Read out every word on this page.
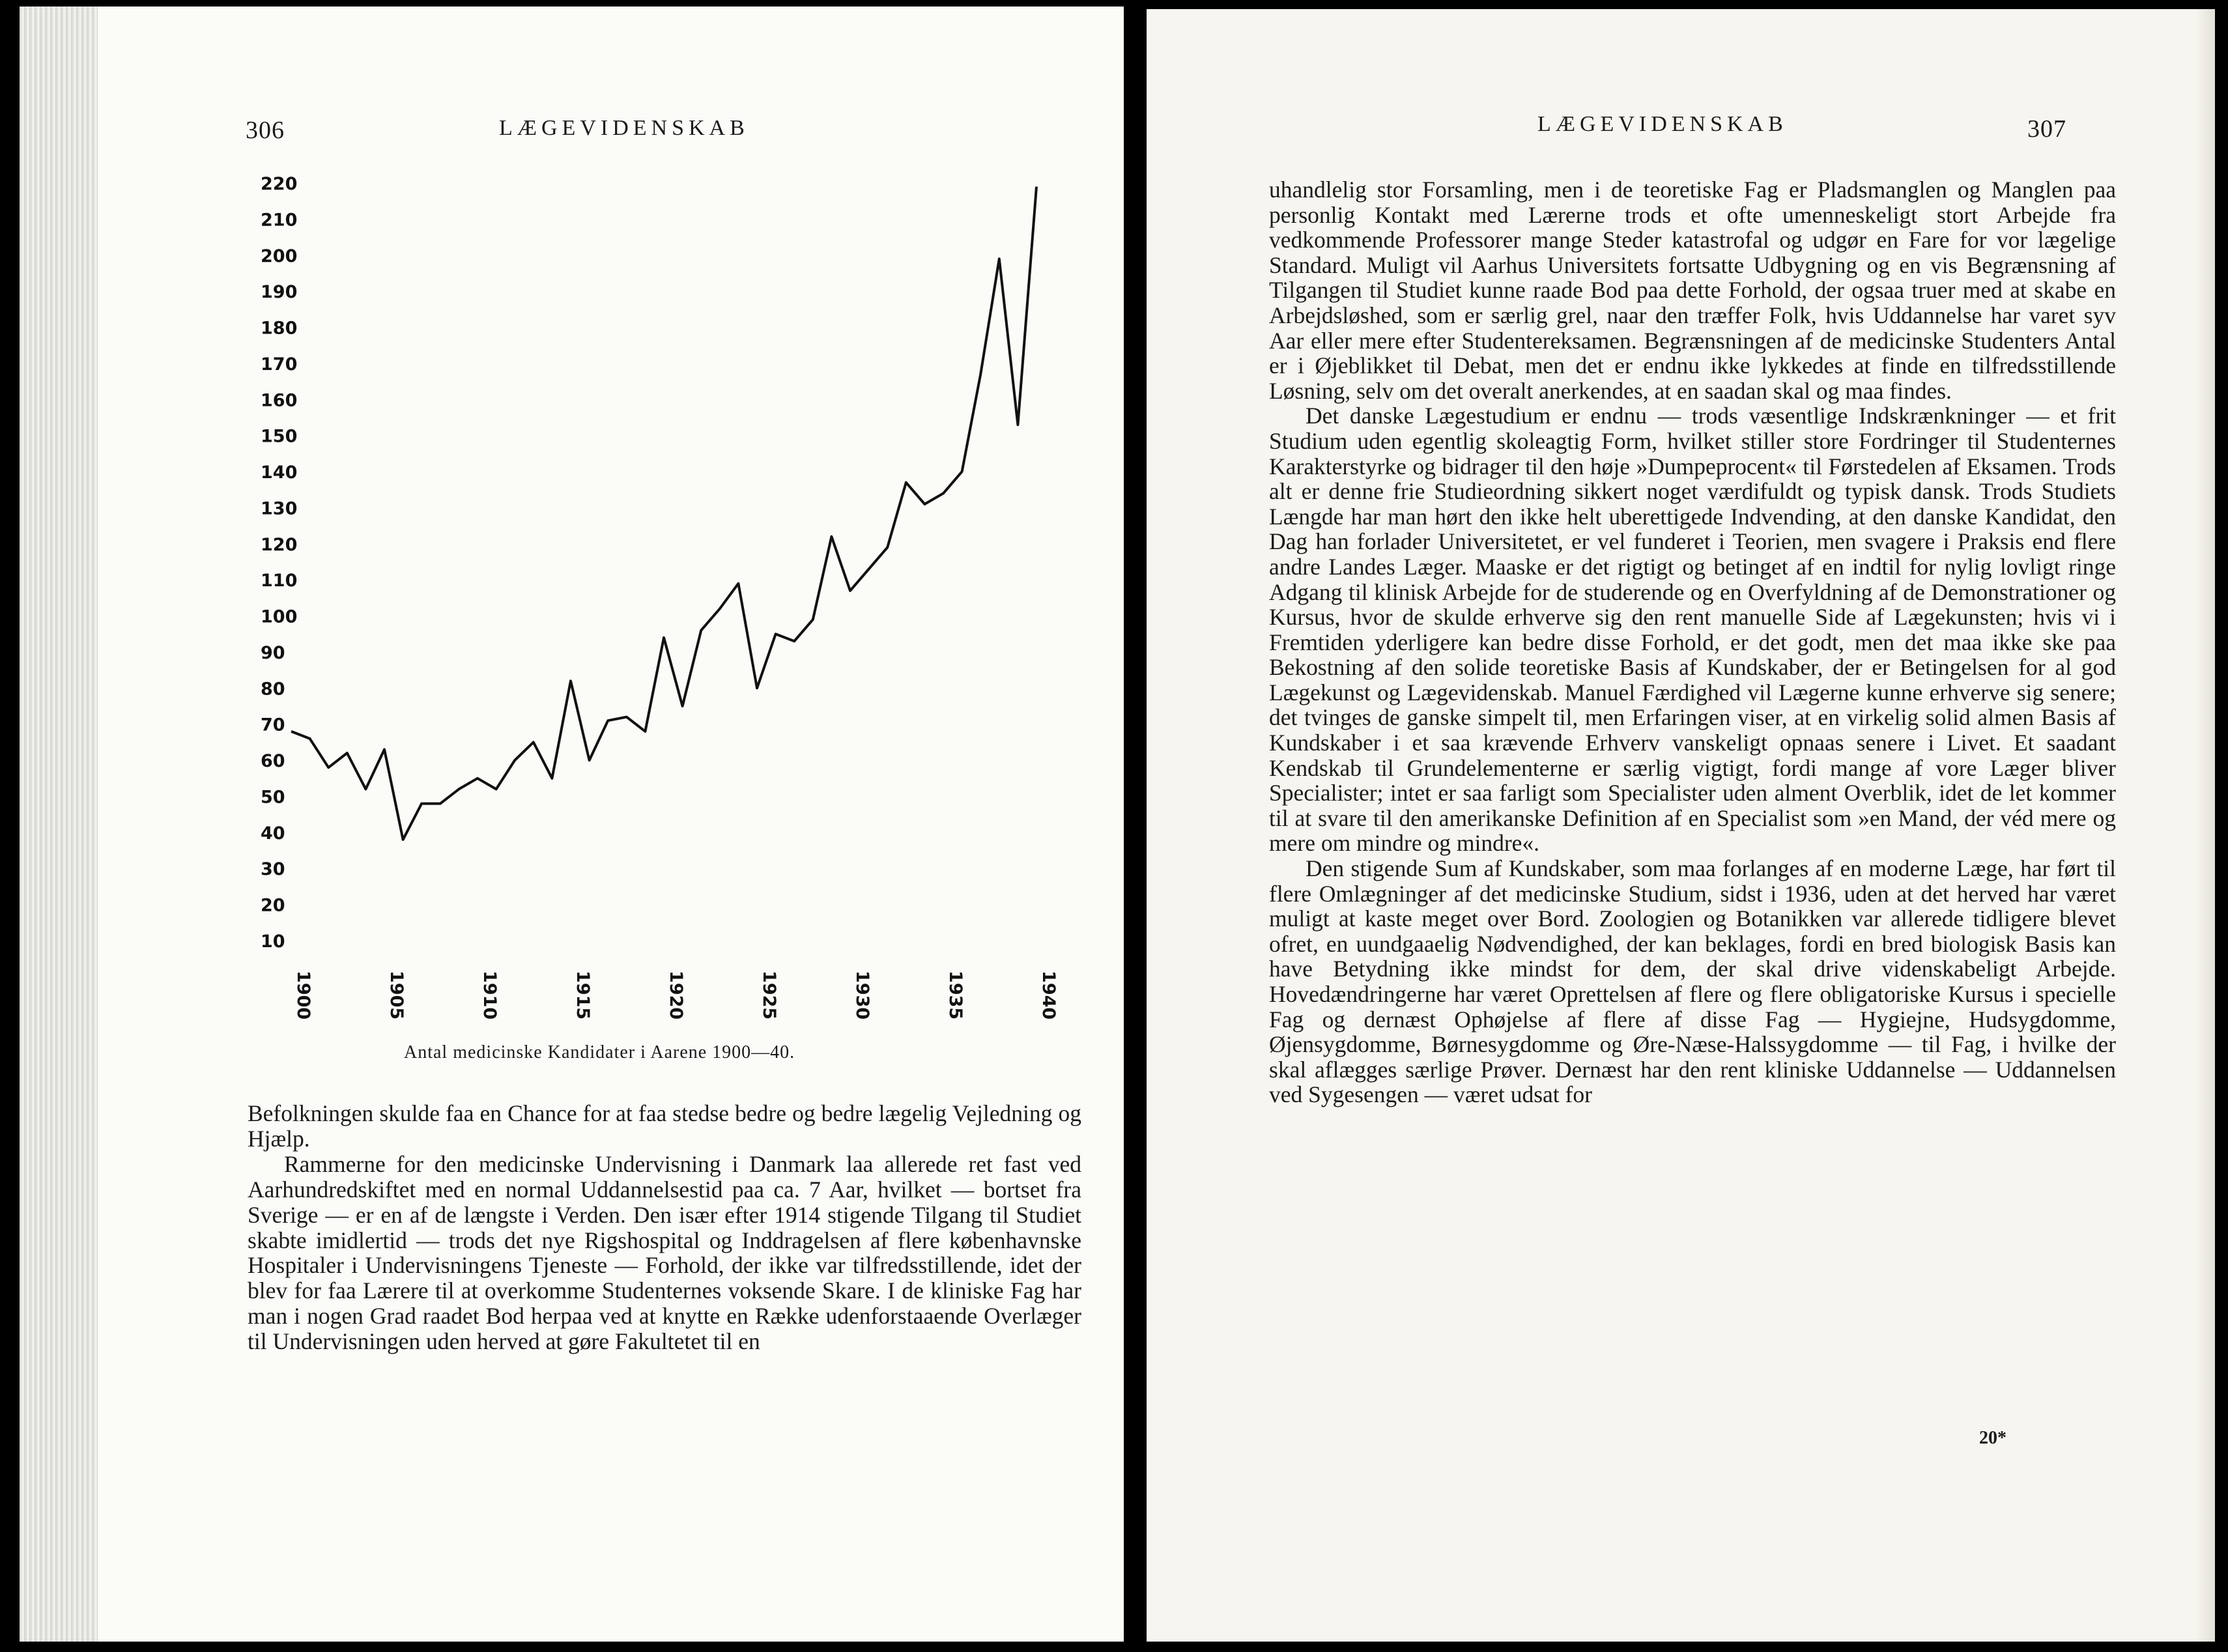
306	LÆGEVIDENSKAB
10
20
30
40
50
60
70
80
90
100
110
120
130
140
150
160
170
180
190
200
210
220
1900	1905	1910	1915	1920	1925	1930	1935	1940
Antal medicinske Kandidater i Aarene 1900—40.

Befolkningen skulde faa en Chance for at faa stedse bedre og bedre lægelig Vejledning og Hjælp.

Rammerne for den medicinske Undervisning i Danmark laa allerede ret fast ved Aarhundredskiftet med en normal Uddannelsestid paa ca. 7 Aar, hvilket — bortset fra Sverige — er en af de længste i Verden. Den især efter 1914 stigende Tilgang til Studiet skabte imidlertid — trods det nye Rigshospital og Inddragelsen af flere københavnske Hospitaler i Undervisningens Tjeneste — Forhold, der ikke var tilfredsstillende, idet der blev for faa Lærere til at overkomme Studenternes voksende Skare. I de kliniske Fag har man i nogen Grad raadet Bod herpaa ved at knytte en Række udenforstaaende Overlæger til Undervisningen uden herved at gøre Fakultetet til en

LÆGEVIDENSKAB	307

uhandlelig stor Forsamling, men i de teoretiske Fag er Pladsmanglen og Manglen paa personlig Kontakt med Lærerne trods et ofte umenneskeligt stort Arbejde fra vedkommende Professorer mange Steder katastrofal og udgør en Fare for vor lægelige Standard. Muligt vil Aarhus Universitets fortsatte Udbygning og en vis Begrænsning af Tilgangen til Studiet kunne raade Bod paa dette Forhold, der ogsaa truer med at skabe en Arbejdsløshed, som er særlig grel, naar den træffer Folk, hvis Uddannelse har varet syv Aar eller mere efter Studentereksamen. Begrænsningen af de medicinske Studenters Antal er i Øjeblikket til Debat, men det er endnu ikke lykkedes at finde en tilfredsstillende Løsning, selv om det overalt anerkendes, at en saadan skal og maa findes.

Det danske Lægestudium er endnu — trods væsentlige Indskrænkninger — et frit Studium uden egentlig skoleagtig Form, hvilket stiller store Fordringer til Studenternes Karakterstyrke og bidrager til den høje »Dumpeprocent« til Førstedelen af Eksamen. Trods alt er denne frie Studieordning sikkert noget værdifuldt og typisk dansk. Trods Studiets Længde har man hørt den ikke helt uberettigede Indvending, at den danske Kandidat, den Dag han forlader Universitetet, er vel funderet i Teorien, men svagere i Praksis end flere andre Landes Læger. Maaske er det rigtigt og betinget af en indtil for nylig lovligt ringe Adgang til klinisk Arbejde for de studerende og en Overfyldning af de Demonstrationer og Kursus, hvor de skulde erhverve sig den rent manuelle Side af Lægekunsten; hvis vi i Fremtiden yderligere kan bedre disse Forhold, er det godt, men det maa ikke ske paa Bekostning af den solide teoretiske Basis af Kundskaber, der er Betingelsen for al god Lægekunst og Lægevidenskab. Manuel Færdighed vil Lægerne kunne erhverve sig senere; det tvinges de ganske simpelt til, men Erfaringen viser, at en virkelig solid almen Basis af Kundskaber i et saa krævende Erhverv vanskeligt opnaas senere i Livet. Et saadant Kendskab til Grundelementerne er særlig vigtigt, fordi mange af vore Læger bliver Specialister; intet er saa farligt som Specialister uden alment Overblik, idet de let kommer til at svare til den amerikanske Definition af en Specialist som »en Mand, der véd mere og mere om mindre og mindre«.

Den stigende Sum af Kundskaber, som maa forlanges af en moderne Læge, har ført til flere Omlægninger af det medicinske Studium, sidst i 1936, uden at det herved har været muligt at kaste meget over Bord. Zoologien og Botanikken var allerede tidligere blevet ofret, en uundgaaelig Nødvendighed, der kan beklages, fordi en bred biologisk Basis kan have Betydning ikke mindst for dem, der skal drive videnskabeligt Arbejde. Hovedændringerne har været Oprettelsen af flere og flere obligatoriske Kursus i specielle Fag og dernæst Ophøjelse af flere af disse Fag — Hygiejne, Hudsygdomme, Øjensygdomme, Børnesygdomme og Øre-Næse-Halssygdomme — til Fag, i hvilke der skal aflægges særlige Prøver. Dernæst har den rent kliniske Uddannelse — Uddannelsen ved Sygesengen — været udsat for

20*
